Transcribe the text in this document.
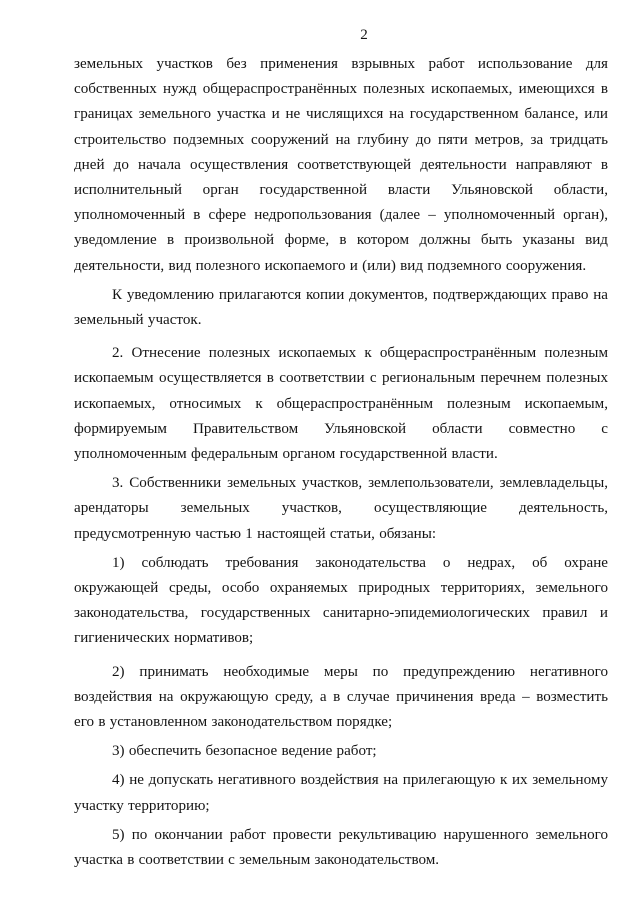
2

земельных участков без применения взрывных работ использование для собственных нужд общераспространённых полезных ископаемых, имеющихся в границах земельного участка и не числящихся на государственном балансе, или строительство подземных сооружений на глубину до пяти метров, за тридцать дней до начала осуществления соответствующей деятельности направляют в исполнительный орган государственной власти Ульяновской области, уполномоченный в сфере недропользования (далее – уполномоченный орган), уведомление в произвольной форме, в котором должны быть указаны вид деятельности, вид полезного ископаемого и (или) вид подземного сооружения.

К уведомлению прилагаются копии документов, подтверждающих право на земельный участок.

2. Отнесение полезных ископаемых к общераспространённым полезным ископаемым осуществляется в соответствии с региональным перечнем полезных ископаемых, относимых к общераспространённым полезным ископаемым, формируемым Правительством Ульяновской области совместно с уполномоченным федеральным органом государственной власти.

3. Собственники земельных участков, землепользователи, землевладельцы, арендаторы земельных участков, осуществляющие деятельность, предусмотренную частью 1 настоящей статьи, обязаны:

1) соблюдать требования законодательства о недрах, об охране окружающей среды, особо охраняемых природных территориях, земельного законодательства, государственных санитарно-эпидемиологических правил и гигиенических нормативов;

2) принимать необходимые меры по предупреждению негативного воздействия на окружающую среду, а в случае причинения вреда – возместить его в установленном законодательством порядке;

3) обеспечить безопасное ведение работ;

4) не допускать негативного воздействия на прилегающую к их земельному участку территорию;

5) по окончании работ провести рекультивацию нарушенного земельного участка в соответствии с земельным законодательством.
